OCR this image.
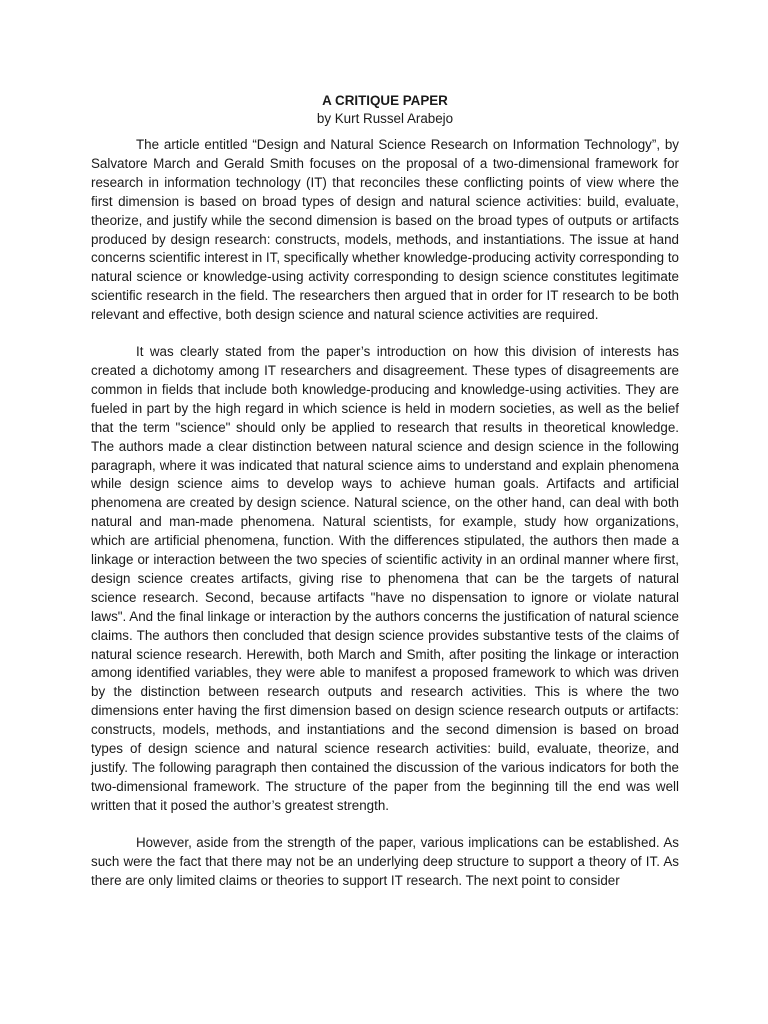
A CRITIQUE PAPER

by Kurt Russel Arabejo

The article entitled “Design and Natural Science Research on Information Technology”, by Salvatore March and Gerald Smith focuses on the proposal of a two-dimensional framework for research in information technology (IT) that reconciles these conflicting points of view where the first dimension is based on broad types of design and natural science activities: build, evaluate, theorize, and justify while the second dimension is based on the broad types of outputs or artifacts produced by design research: constructs, models, methods, and instantiations. The issue at hand concerns scientific interest in IT, specifically whether knowledge-producing activity corresponding to natural science or knowledge-using activity corresponding to design science constitutes legitimate scientific research in the field. The researchers then argued that in order for IT research to be both relevant and effective, both design science and natural science activities are required.

It was clearly stated from the paper’s introduction on how this division of interests has created a dichotomy among IT researchers and disagreement. These types of disagreements are common in fields that include both knowledge-producing and knowledge-using activities. They are fueled in part by the high regard in which science is held in modern societies, as well as the belief that the term "science" should only be applied to research that results in theoretical knowledge. The authors made a clear distinction between natural science and design science in the following paragraph, where it was indicated that natural science aims to understand and explain phenomena while design science aims to develop ways to achieve human goals. Artifacts and artificial phenomena are created by design science. Natural science, on the other hand, can deal with both natural and man-made phenomena. Natural scientists, for example, study how organizations, which are artificial phenomena, function. With the differences stipulated, the authors then made a linkage or interaction between the two species of scientific activity in an ordinal manner where first, design science creates artifacts, giving rise to phenomena that can be the targets of natural science research. Second, because artifacts "have no dispensation to ignore or violate natural laws". And the final linkage or interaction by the authors concerns the justification of natural science claims. The authors then concluded that design science provides substantive tests of the claims of natural science research. Herewith, both March and Smith, after positing the linkage or interaction among identified variables, they were able to manifest a proposed framework to which was driven by the distinction between research outputs and research activities. This is where the two dimensions enter having the first dimension based on design science research outputs or artifacts: constructs, models, methods, and instantiations and the second dimension is based on broad types of design science and natural science research activities: build, evaluate, theorize, and justify. The following paragraph then contained the discussion of the various indicators for both the two-dimensional framework. The structure of the paper from the beginning till the end was well written that it posed the author’s greatest strength.

However, aside from the strength of the paper, various implications can be established. As such were the fact that there may not be an underlying deep structure to support a theory of IT. As there are only limited claims or theories to support IT research. The next point to consider
